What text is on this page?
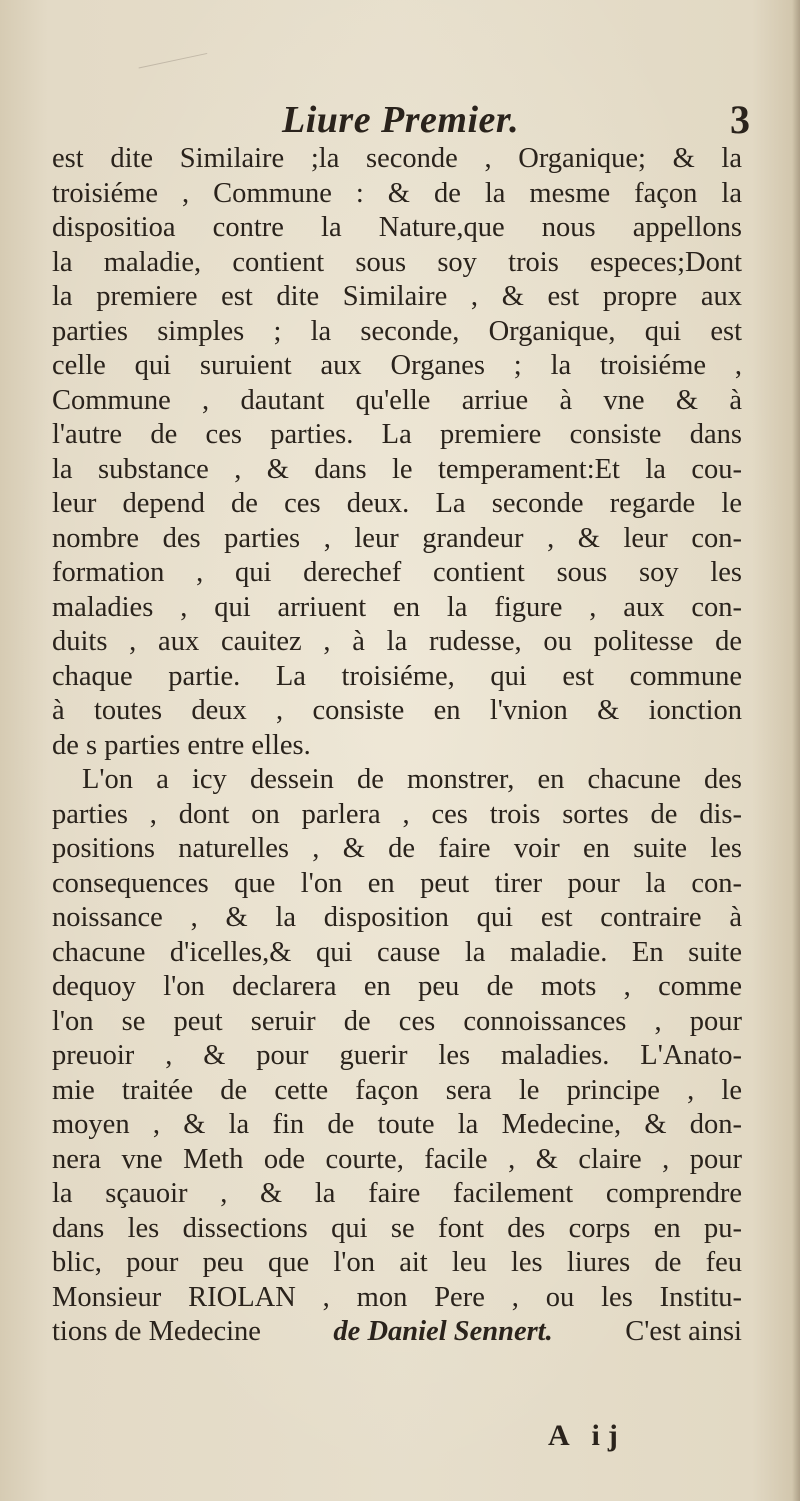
Liure Premier.	3
est dite Similaire ;la seconde , Organique; & la
troisiéme , Commune : & de la mesme façon la
dispositioa contre la Nature,que nous appellons
la maladie, contient sous soy trois especes;Dont
la premiere est dite Similaire , & est propre aux
parties simples ; la seconde, Organique, qui est
celle qui suruient aux Organes ; la troisiéme ,
Commune , dautant qu'elle arriue à vne & à
l'autre de ces parties. La premiere consiste dans
la substance , & dans le temperament:Et la cou-
leur depend de ces deux. La seconde regarde le
nombre des parties , leur grandeur , & leur con-
formation , qui derechef contient sous soy les
maladies , qui arriuent en la figure , aux con-
duits , aux cauitez , à la rudesse, ou politesse de
chaque partie. La troisiéme, qui est commune
à toutes deux , consiste en l'vnion & ionction
de s parties entre elles.
L'on a icy dessein de monstrer, en chacune des
parties , dont on parlera , ces trois sortes de dis-
positions naturelles , & de faire voir en suite les
consequences que l'on en peut tirer pour la con-
noissance , & la disposition qui est contraire à
chacune d'icelles,& qui cause la maladie. En suite
dequoy l'on declarera en peu de mots , comme
l'on se peut seruir de ces connoissances , pour
preuoir , & pour guerir les maladies. L'Anato-
mie traitée de cette façon sera le principe , le
moyen , & la fin de toute la Medecine, & don-
nera vne Meth ode courte, facile , & claire , pour
la sçauoir , & la faire facilement comprendre
dans les dissections qui se font des corps en pu-
blic, pour peu que l'on ait leu les liures de feu
Monsieur RIOLAN , mon Pere , ou les Institu-
tions de Medecine	de Daniel Sennert.	C'est ainsi
A ij
